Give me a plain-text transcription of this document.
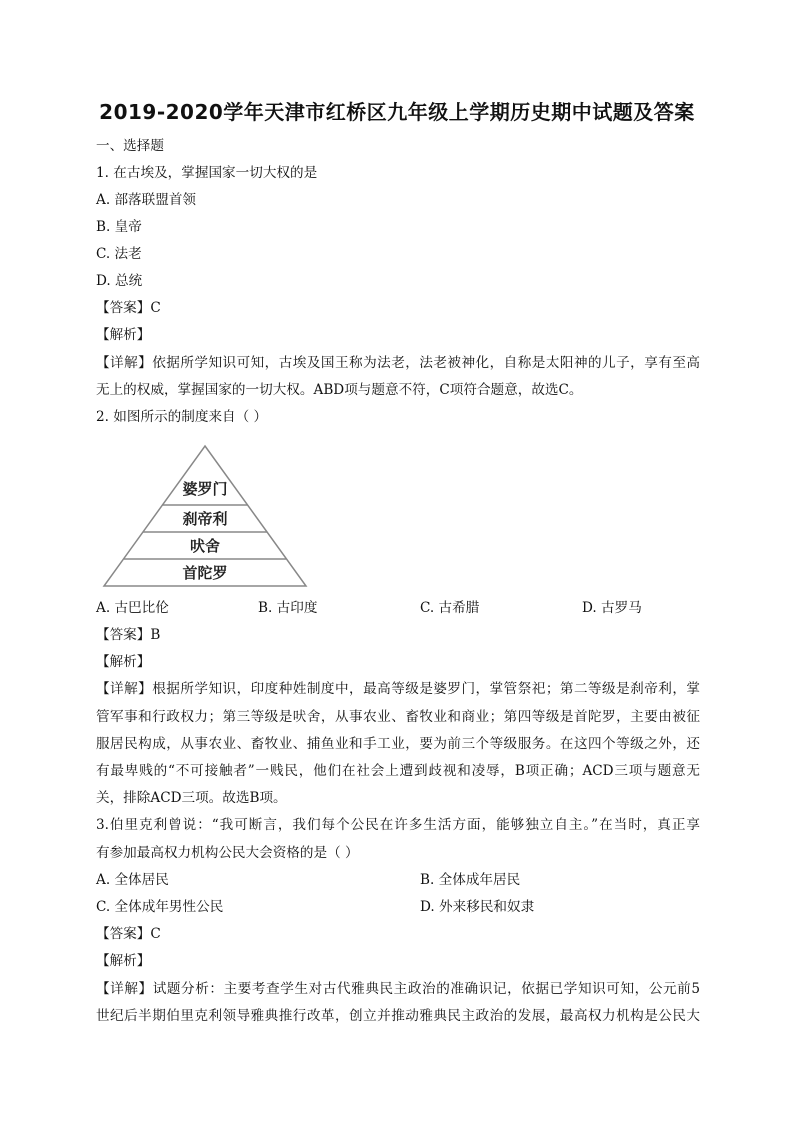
2019-2020学年天津市红桥区九年级上学期历史期中试题及答案
一、选择题
1. 在古埃及，掌握国家一切大权的是
A. 部落联盟首领
B. 皇帝
C. 法老
D. 总统
【答案】C
【解析】
【详解】依据所学知识可知，古埃及国王称为法老，法老被神化，自称是太阳神的儿子，享有至高
无上的权威，掌握国家的一切大权。ABD项与题意不符，C项符合题意，故选C。
2. 如图所示的制度来自（ ）
婆罗门
刹帝利
吠舍
首陀罗
A. 古巴比伦	B. 古印度	C. 古希腊	D. 古罗马
【答案】B
【解析】
【详解】根据所学知识，印度种姓制度中，最高等级是婆罗门，掌管祭祀；第二等级是刹帝利，掌
管军事和行政权力；第三等级是吠舍，从事农业、畜牧业和商业；第四等级是首陀罗，主要由被征
服居民构成，从事农业、畜牧业、捕鱼业和手工业，要为前三个等级服务。在这四个等级之外，还
有最卑贱的“不可接触者”一贱民，他们在社会上遭到歧视和凌辱，B项正确；ACD三项与题意无
关，排除ACD三项。故选B项。
3.伯里克利曾说：“我可断言，我们每个公民在许多生活方面，能够独立自主。”在当时，真正享
有参加最高权力机构公民大会资格的是（ ）
A. 全体居民	B. 全体成年居民
C. 全体成年男性公民	D. 外来移民和奴隶
【答案】C
【解析】
【详解】试题分析：主要考查学生对古代雅典民主政治的准确识记，依据已学知识可知，公元前5
世纪后半期伯里克利领导雅典推行改革，创立并推动雅典民主政治的发展，最高权力机构是公民大
